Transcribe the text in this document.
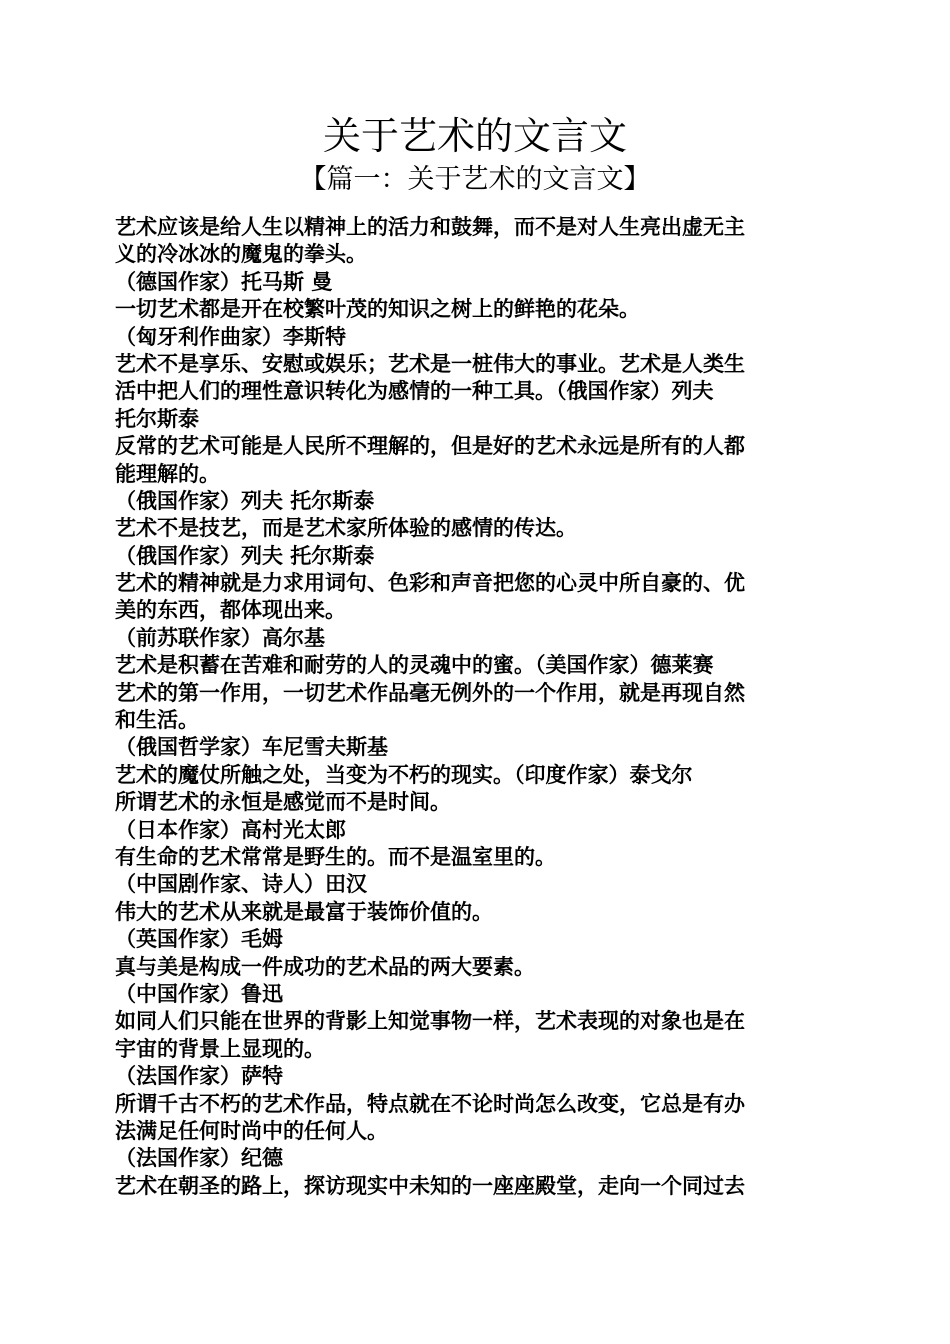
关于艺术的文言文
【篇一：关于艺术的文言文】
艺术应该是给人生以精神上的活力和鼓舞，而不是对人生亮出虚无主
义的冷冰冰的魔鬼的拳头。
（德国作家）托马斯 曼
一切艺术都是开在校繁叶茂的知识之树上的鲜艳的花朵。
（匈牙利作曲家）李斯特
艺术不是享乐、安慰或娱乐；艺术是一桩伟大的事业。艺术是人类生
活中把人们的理性意识转化为感情的一种工具。（俄国作家）列夫
托尔斯泰
反常的艺术可能是人民所不理解的，但是好的艺术永远是所有的人都
能理解的。
（俄国作家）列夫 托尔斯泰
艺术不是技艺，而是艺术家所体验的感情的传达。
（俄国作家）列夫 托尔斯泰
艺术的精神就是力求用词句、色彩和声音把您的心灵中所自豪的、优
美的东西，都体现出来。
（前苏联作家）高尔基
艺术是积蓄在苦难和耐劳的人的灵魂中的蜜。（美国作家）德莱赛
艺术的第一作用，一切艺术作品毫无例外的一个作用，就是再现自然
和生活。
（俄国哲学家）车尼雪夫斯基
艺术的魔仗所触之处，当变为不朽的现实。（印度作家）泰戈尔
所谓艺术的永恒是感觉而不是时间。
（日本作家）高村光太郎
有生命的艺术常常是野生的。而不是温室里的。
（中国剧作家、诗人）田汉
伟大的艺术从来就是最富于装饰价值的。
（英国作家）毛姆
真与美是构成一件成功的艺术品的两大要素。
（中国作家）鲁迅
如同人们只能在世界的背影上知觉事物一样，艺术表现的对象也是在
宇宙的背景上显现的。
（法国作家）萨特
所谓千古不朽的艺术作品，特点就在不论时尚怎么改变，它总是有办
法满足任何时尚中的任何人。
（法国作家）纪德
艺术在朝圣的路上，探访现实中未知的一座座殿堂，走向一个同过去
